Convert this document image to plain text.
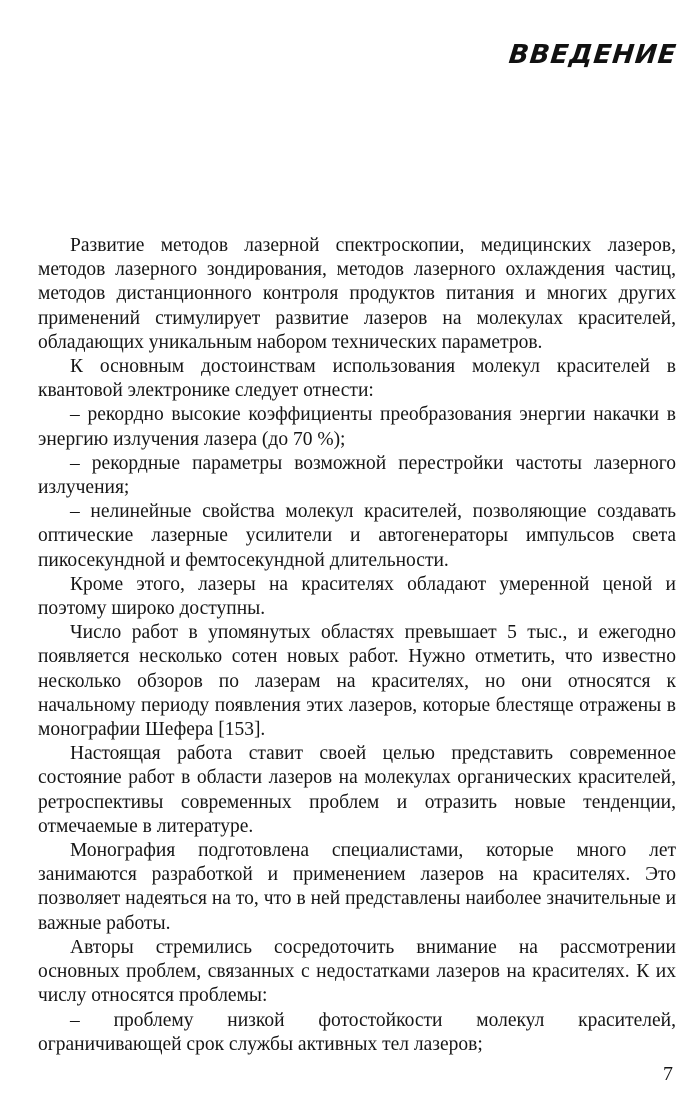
ВВЕДЕНИЕ

Развитие методов лазерной спектроскопии, медицинских лазеров, методов лазерного зондирования, методов лазерного охлаждения частиц, методов дистанционного контроля продуктов питания и многих других применений стимулирует развитие лазеров на молекулах красителей, обладающих уникальным набором технических параметров.

К основным достоинствам использования молекул красителей в квантовой электронике следует отнести:

– рекордно высокие коэффициенты преобразования энергии накачки в энергию излучения лазера (до 70 %);

– рекордные параметры возможной перестройки частоты лазерного излучения;

– нелинейные свойства молекул красителей, позволяющие создавать оптические лазерные усилители и автогенераторы импульсов света пикосекундной и фемтосекундной длительности.

Кроме этого, лазеры на красителях обладают умеренной ценой и поэтому широко доступны.

Число работ в упомянутых областях превышает 5 тыс., и ежегодно появляется несколько сотен новых работ. Нужно отметить, что известно несколько обзоров по лазерам на красителях, но они относятся к начальному периоду появления этих лазеров, которые блестяще отражены в монографии Шефера [153].

Настоящая работа ставит своей целью представить современное состояние работ в области лазеров на молекулах органических красителей, ретроспективы современных проблем и отразить новые тенденции, отмечаемые в литературе.

Монография подготовлена специалистами, которые много лет занимаются разработкой и применением лазеров на красителях. Это позволяет надеяться на то, что в ней представлены наиболее значительные и важные работы.

Авторы стремились сосредоточить внимание на рассмотрении основных проблем, связанных с недостатками лазеров на красителях. К их числу относятся проблемы:

– проблему низкой фотостойкости молекул красителей, ограничивающей срок службы активных тел лазеров;

7
